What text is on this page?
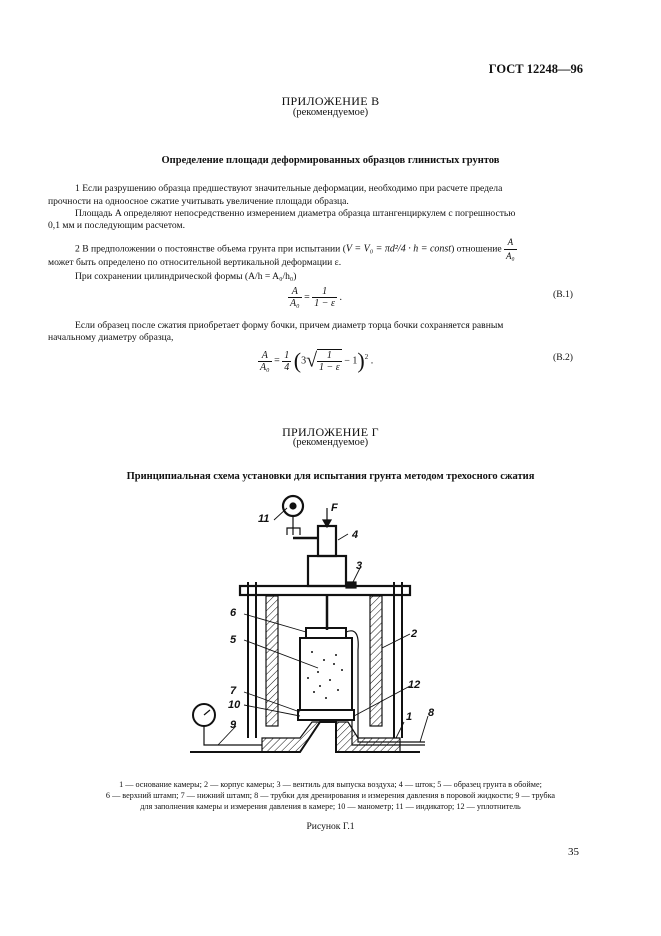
ГОСТ 12248—96
ПРИЛОЖЕНИЕ В
(рекомендуемое)
Определение площади деформированных образцов глинистых грунтов
1 Если разрушению образца предшествуют значительные деформации, необходимо при расчете предела
прочности на одноосное сжатие учитывать увеличение площади образца.
Площадь A определяют непосредственно измерением диаметра образца штангенциркулем с погрешностью
0,1 мм и последующим расчетом.
2 В предположении о постоянстве объема грунта при испытании (V = V₀ = πd²/4 · h = const) отношение $\frac{A}{\text{A₀}}$
может быть определено по относительной вертикальной деформации ε.
При сохранении цилиндрической формы (A/h = A₀/h₀)
$\frac{A}{\text{A₀}} = \frac{1}{1 - \varepsilon}$ .	(В.1)
Если образец после сжатия приобретает форму бочки, причем диаметр торца бочки сохраняется равным
начальному диаметру образца,
$\frac{A}{\text{A₀}} = \frac{1}{4} (3√ \frac{1}{1 - \varepsilon} - 1)^2$ .	(В.2)
ПРИЛОЖЕНИЕ Г
(рекомендуемое)
Принципиальная схема установки для испытания грунта методом трехосного сжатия
11
F
4
3
6
2
5
7
10
12
9
1 8
1 — основание камеры; 2 — корпус камеры; 3 — вентиль для выпуска воздуха; 4 — шток; 5 — образец грунта в обойме;
6 — верхний штамп; 7 — нижний штамп; 8 — трубки для дренирования и измерения давления в поровой жидкости; 9 — трубка
для заполнения камеры и измерения давления в камере; 10 — манометр; 11 — индикатор; 12 — уплотнитель
Рисунок Г.1
35
